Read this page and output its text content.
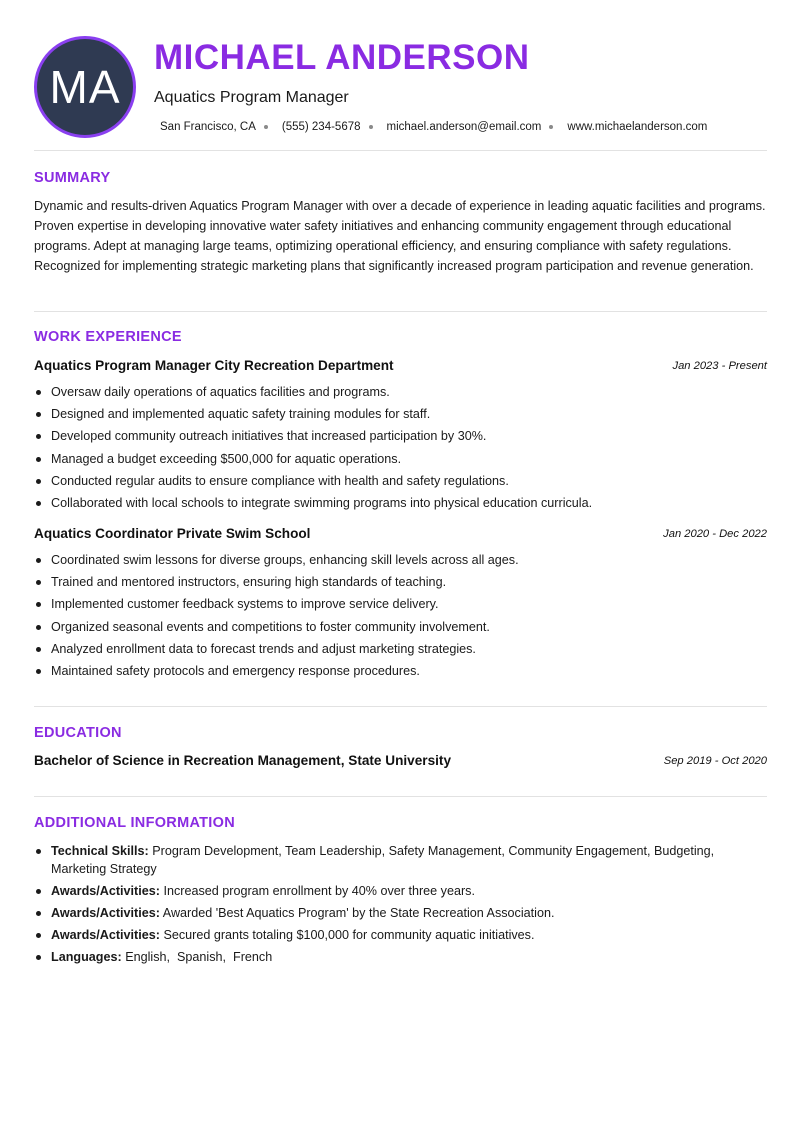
MA
MICHAEL ANDERSON
Aquatics Program Manager
San Francisco, CA (555) 234-5678 michael.anderson@email.com www.michaelanderson.com
SUMMARY
Dynamic and results-driven Aquatics Program Manager with over a decade of experience in leading aquatic facilities and programs. Proven expertise in developing innovative water safety initiatives and enhancing community engagement through educational programs. Adept at managing large teams, optimizing operational efficiency, and ensuring compliance with safety regulations. Recognized for implementing strategic marketing plans that significantly increased program participation and revenue generation.
WORK EXPERIENCE
Aquatics Program Manager City Recreation Department	Jan 2023 - Present
Oversaw daily operations of aquatics facilities and programs.
Designed and implemented aquatic safety training modules for staff.
Developed community outreach initiatives that increased participation by 30%.
Managed a budget exceeding $500,000 for aquatic operations.
Conducted regular audits to ensure compliance with health and safety regulations.
Collaborated with local schools to integrate swimming programs into physical education curricula.
Aquatics Coordinator Private Swim School	Jan 2020 - Dec 2022
Coordinated swim lessons for diverse groups, enhancing skill levels across all ages.
Trained and mentored instructors, ensuring high standards of teaching.
Implemented customer feedback systems to improve service delivery.
Organized seasonal events and competitions to foster community involvement.
Analyzed enrollment data to forecast trends and adjust marketing strategies.
Maintained safety protocols and emergency response procedures.
EDUCATION
Bachelor of Science in Recreation Management, State University	Sep 2019 - Oct 2020
ADDITIONAL INFORMATION
Technical Skills: Program Development, Team Leadership, Safety Management, Community Engagement, Budgeting, Marketing Strategy
Awards/Activities: Increased program enrollment by 40% over three years.
Awards/Activities: Awarded 'Best Aquatics Program' by the State Recreation Association.
Awards/Activities: Secured grants totaling $100,000 for community aquatic initiatives.
Languages: English,  Spanish,  French
